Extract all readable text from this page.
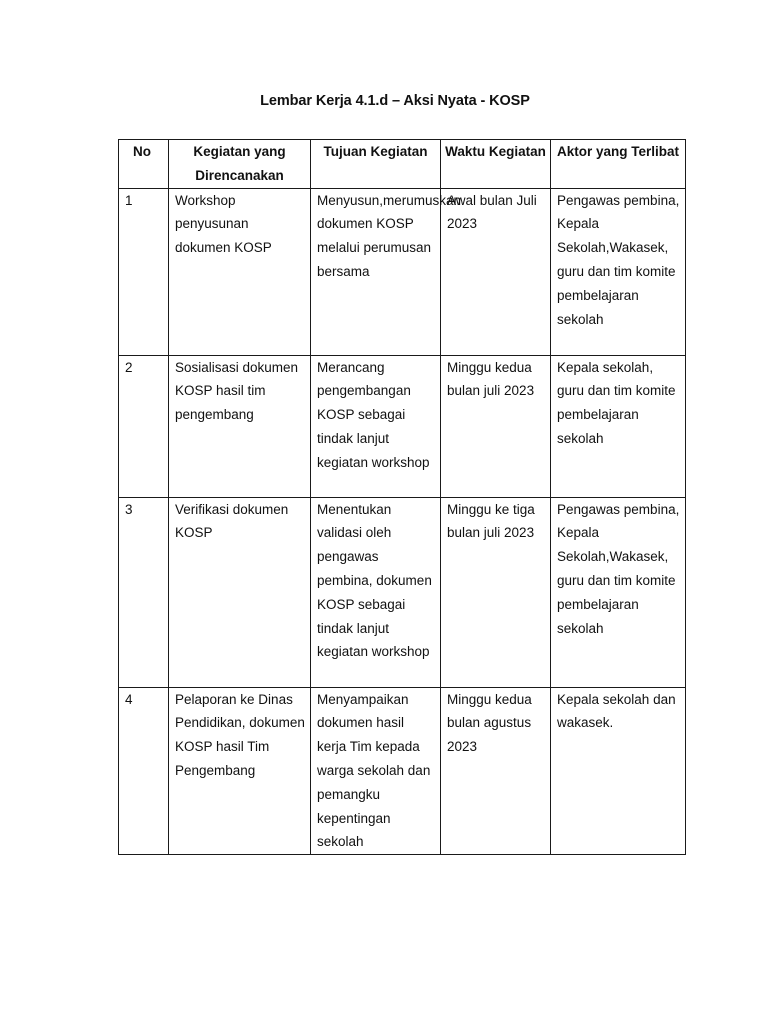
Lembar Kerja 4.1.d – Aksi Nyata - KOSP
No	Kegiatan yang Direncanakan	Tujuan Kegiatan	Waktu Kegiatan	Aktor yang Terlibat
1	Workshop penyusunan dokumen KOSP	Menyusun,merumuskan dokumen KOSP melalui perumusan bersama	Awal bulan Juli 2023	Pengawas pembina, Kepala Sekolah,Wakasek, guru dan tim komite pembelajaran sekolah
2	Sosialisasi dokumen KOSP hasil tim pengembang	Merancang pengembangan KOSP sebagai tindak lanjut kegiatan workshop	Minggu kedua bulan juli 2023	Kepala sekolah, guru dan tim komite pembelajaran sekolah
3	Verifikasi dokumen KOSP	Menentukan validasi oleh pengawas pembina, dokumen KOSP sebagai tindak lanjut kegiatan workshop	Minggu ke tiga bulan juli 2023	Pengawas pembina, Kepala Sekolah,Wakasek, guru dan tim komite pembelajaran sekolah
4	Pelaporan ke Dinas Pendidikan, dokumen KOSP hasil Tim Pengembang	Menyampaikan dokumen hasil kerja Tim kepada warga sekolah dan pemangku kepentingan sekolah	Minggu kedua bulan agustus 2023	Kepala sekolah dan wakasek.
